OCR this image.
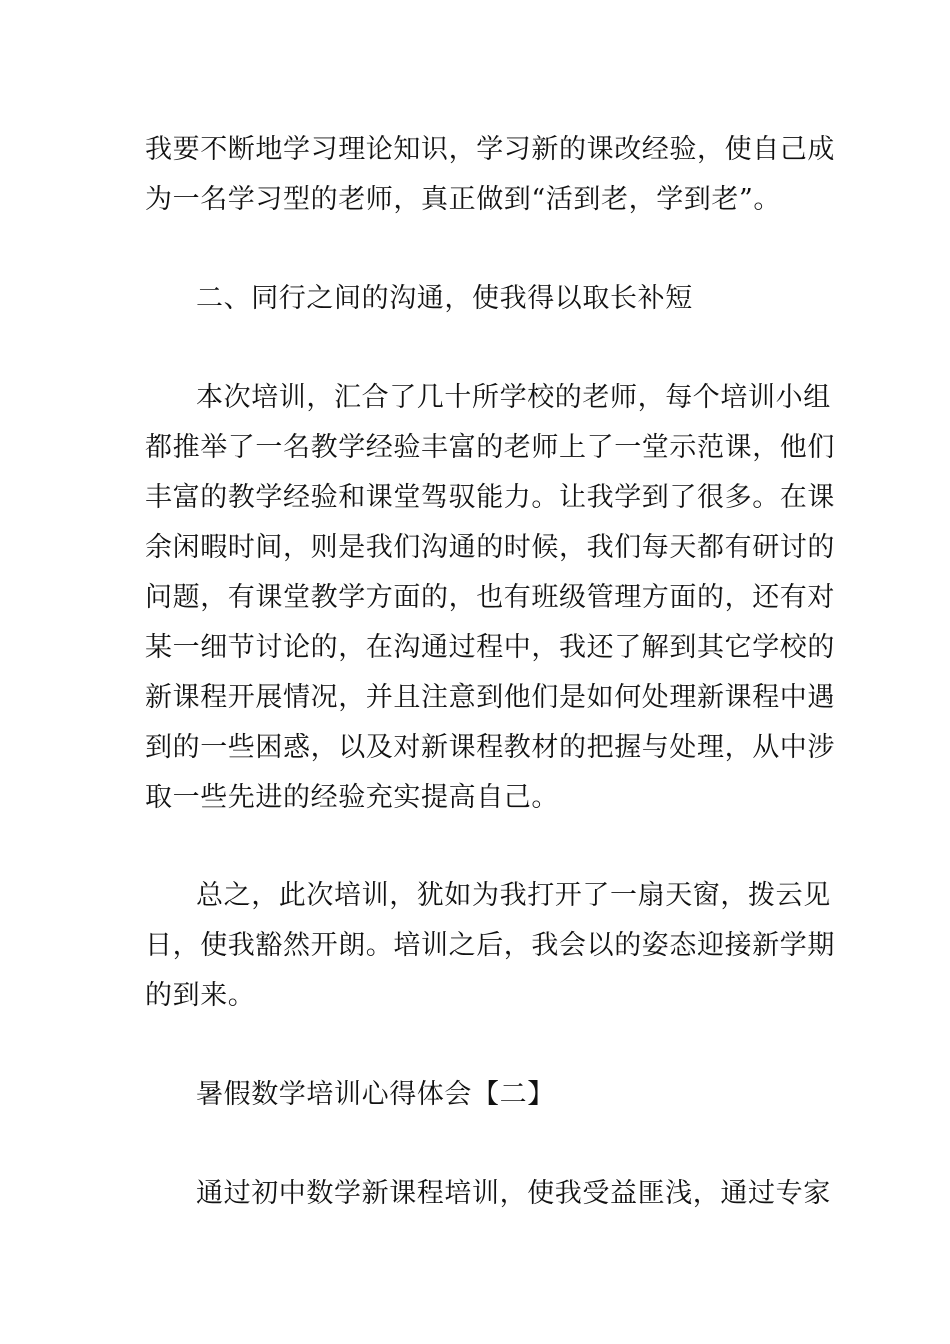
我要不断地学习理论知识，学习新的课改经验，使自己成
为一名学习型的老师，真正做到“活到老，学到老”。
二、同行之间的沟通，使我得以取长补短
本次培训，汇合了几十所学校的老师，每个培训小组
都推举了一名教学经验丰富的老师上了一堂示范课，他们
丰富的教学经验和课堂驾驭能力。让我学到了很多。在课
余闲暇时间，则是我们沟通的时候，我们每天都有研讨的
问题，有课堂教学方面的，也有班级管理方面的，还有对
某一细节讨论的，在沟通过程中，我还了解到其它学校的
新课程开展情况，并且注意到他们是如何处理新课程中遇
到的一些困惑，以及对新课程教材的把握与处理，从中涉
取一些先进的经验充实提高自己。
总之，此次培训，犹如为我打开了一扇天窗，拨云见
日，使我豁然开朗。培训之后，我会以的姿态迎接新学期
的到来。
暑假数学培训心得体会【二】
通过初中数学新课程培训，使我受益匪浅，通过专家
